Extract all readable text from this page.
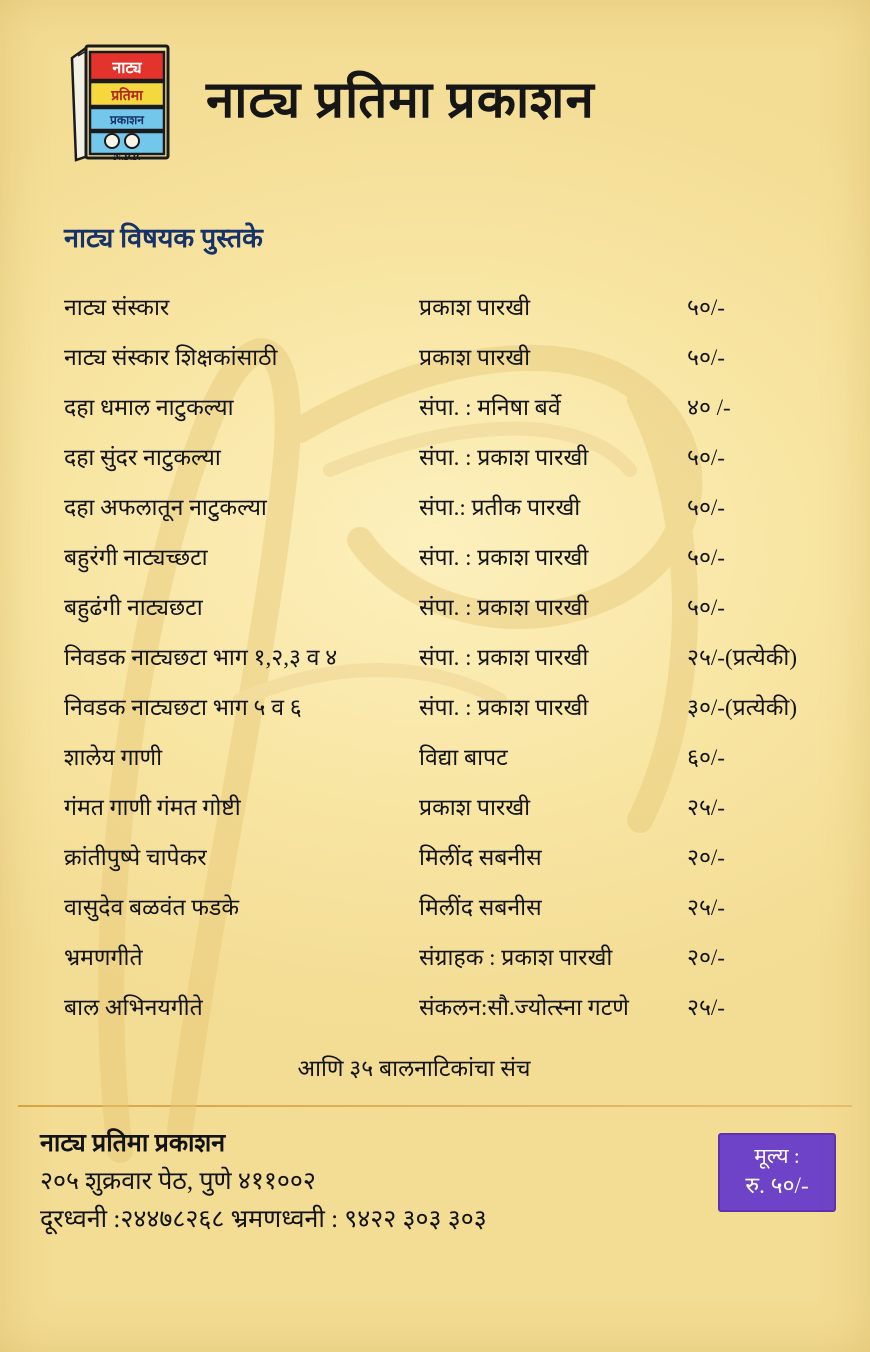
नाट्य
प्रतिमा
प्रकाशन
N.P.P.
नाट्य प्रतिमा प्रकाशन
नाट्य विषयक पुस्तके
नाट्य संस्कार	प्रकाश पारखी	५०/-
नाट्य संस्कार शिक्षकांसाठी	प्रकाश पारखी	५०/-
दहा धमाल नाटुकल्या	संपा. : मनिषा बर्वे	४० /-
दहा सुंदर नाटुकल्या	संपा. : प्रकाश पारखी	५०/-
दहा अफलातून नाटुकल्या	संपा.: प्रतीक पारखी	५०/-
बहुरंगी नाट्यच्छटा	संपा. : प्रकाश पारखी	५०/-
बहुढंगी नाट्यछटा	संपा. : प्रकाश पारखी	५०/-
निवडक नाट्यछटा भाग १,२,३ व ४	संपा. : प्रकाश पारखी	२५/-(प्रत्येकी)
निवडक नाट्यछटा भाग ५ व ६	संपा. : प्रकाश पारखी	३०/-(प्रत्येकी)
शालेय गाणी	विद्या बापट	६०/-
गंमत गाणी गंमत गोष्टी	प्रकाश पारखी	२५/-
क्रांतीपुष्पे चापेकर	मिलींद सबनीस	२०/-
वासुदेव बळवंत फडके	मिलींद सबनीस	२५/-
भ्रमणगीते	संग्राहक : प्रकाश पारखी	२०/-
बाल अभिनयगीते	संकलन:सौ.ज्योत्स्ना गटणे	२५/-
आणि ३५ बालनाटिकांचा संच
नाट्य प्रतिमा प्रकाशन
२०५ शुक्रवार पेठ, पुणे ४११००२
दूरध्वनी :२४४७८२६८ भ्रमणध्वनी : ९४२२ ३०३ ३०३
मूल्य :
रु. ५०/-
